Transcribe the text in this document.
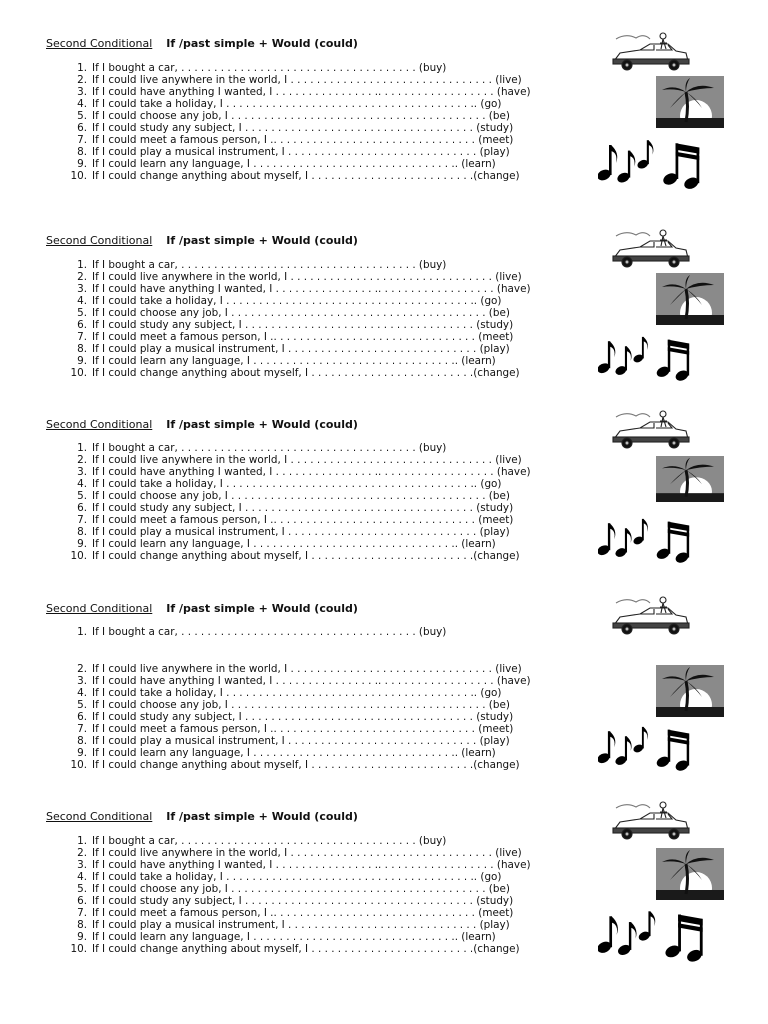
Second Conditional If /past simple + Would (could)
1. If I bought a car, . . . . . . . . . . . . . . . . . . . . . . . . . . . . . . . . . . . . (buy)
2. If I could live anywhere in the world, I . . . . . . . . . . . . . . . . . . . . . . . . . . . . . . . (live)
3. If I could have anything I wanted, I . . . . . . . . . . . . . . . .. . . . . . . . . . . . . . . . . . (have)
4. If I could take a holiday, I . . . . . . . . . . . . . . . . . . . . . . . . . . . . . . . . . . . . . .. (go)
5. If I could choose any job, I . . . . . . . . . . . . . . . . . . . . . . . . . . . . . . . . . . . . . . . (be)
6. If I could study any subject, I . . . . . . . . . . . . . . . . . . . . . . . . . . . . . . . . . . . (study)
7. If I could meet a famous person, I .. . . . . . . . . . . . . . . . . . . . . . . . . . . . . . . (meet)
8. If I could play a musical instrument, I . . . . . . . . . . . . . . . . . . . . . . . . . . . . . (play)
9. If I could learn any language, I . . . . . . . . . . . . . . . . . . . . . . . . . . . . . . .. (learn)
10. If I could change anything about myself, I . . . . . . . . . . . . . . . . . . . . . . . . .(change)
Second Conditional If /past simple + Would (could)
1. If I bought a car, . . . . . . . . . . . . . . . . . . . . . . . . . . . . . . . . . . . . (buy)
2. If I could live anywhere in the world, I . . . . . . . . . . . . . . . . . . . . . . . . . . . . . . . (live)
3. If I could have anything I wanted, I . . . . . . . . . . . . . . . .. . . . . . . . . . . . . . . . . . (have)
4. If I could take a holiday, I . . . . . . . . . . . . . . . . . . . . . . . . . . . . . . . . . . . . . .. (go)
5. If I could choose any job, I . . . . . . . . . . . . . . . . . . . . . . . . . . . . . . . . . . . . . . . (be)
6. If I could study any subject, I . . . . . . . . . . . . . . . . . . . . . . . . . . . . . . . . . . . (study)
7. If I could meet a famous person, I .. . . . . . . . . . . . . . . . . . . . . . . . . . . . . . . (meet)
8. If I could play a musical instrument, I . . . . . . . . . . . . . . . . . . . . . . . . . . . . . (play)
9. If I could learn any language, I . . . . . . . . . . . . . . . . . . . . . . . . . . . . . . .. (learn)
10. If I could change anything about myself, I . . . . . . . . . . . . . . . . . . . . . . . . .(change)
Second Conditional If /past simple + Would (could)
1. If I bought a car, . . . . . . . . . . . . . . . . . . . . . . . . . . . . . . . . . . . . (buy)
2. If I could live anywhere in the world, I . . . . . . . . . . . . . . . . . . . . . . . . . . . . . . . (live)
3. If I could have anything I wanted, I . . . . . . . . . . . . . . . .. . . . . . . . . . . . . . . . . . (have)
4. If I could take a holiday, I . . . . . . . . . . . . . . . . . . . . . . . . . . . . . . . . . . . . . .. (go)
5. If I could choose any job, I . . . . . . . . . . . . . . . . . . . . . . . . . . . . . . . . . . . . . . . (be)
6. If I could study any subject, I . . . . . . . . . . . . . . . . . . . . . . . . . . . . . . . . . . . (study)
7. If I could meet a famous person, I .. . . . . . . . . . . . . . . . . . . . . . . . . . . . . . . (meet)
8. If I could play a musical instrument, I . . . . . . . . . . . . . . . . . . . . . . . . . . . . . (play)
9. If I could learn any language, I . . . . . . . . . . . . . . . . . . . . . . . . . . . . . . .. (learn)
10. If I could change anything about myself, I . . . . . . . . . . . . . . . . . . . . . . . . .(change)
Second Conditional If /past simple + Would (could)
1. If I bought a car, . . . . . . . . . . . . . . . . . . . . . . . . . . . . . . . . . . . . (buy)
2. If I could live anywhere in the world, I . . . . . . . . . . . . . . . . . . . . . . . . . . . . . . . (live)
3. If I could have anything I wanted, I . . . . . . . . . . . . . . . .. . . . . . . . . . . . . . . . . . (have)
4. If I could take a holiday, I . . . . . . . . . . . . . . . . . . . . . . . . . . . . . . . . . . . . . .. (go)
5. If I could choose any job, I . . . . . . . . . . . . . . . . . . . . . . . . . . . . . . . . . . . . . . . (be)
6. If I could study any subject, I . . . . . . . . . . . . . . . . . . . . . . . . . . . . . . . . . . . (study)
7. If I could meet a famous person, I .. . . . . . . . . . . . . . . . . . . . . . . . . . . . . . . (meet)
8. If I could play a musical instrument, I . . . . . . . . . . . . . . . . . . . . . . . . . . . . . (play)
9. If I could learn any language, I . . . . . . . . . . . . . . . . . . . . . . . . . . . . . . .. (learn)
10. If I could change anything about myself, I . . . . . . . . . . . . . . . . . . . . . . . . .(change)
Second Conditional If /past simple + Would (could)
1. If I bought a car, . . . . . . . . . . . . . . . . . . . . . . . . . . . . . . . . . . . . (buy)
2. If I could live anywhere in the world, I . . . . . . . . . . . . . . . . . . . . . . . . . . . . . . . (live)
3. If I could have anything I wanted, I . . . . . . . . . . . . . . . .. . . . . . . . . . . . . . . . . . (have)
4. If I could take a holiday, I . . . . . . . . . . . . . . . . . . . . . . . . . . . . . . . . . . . . . .. (go)
5. If I could choose any job, I . . . . . . . . . . . . . . . . . . . . . . . . . . . . . . . . . . . . . . . (be)
6. If I could study any subject, I . . . . . . . . . . . . . . . . . . . . . . . . . . . . . . . . . . . (study)
7. If I could meet a famous person, I .. . . . . . . . . . . . . . . . . . . . . . . . . . . . . . . (meet)
8. If I could play a musical instrument, I . . . . . . . . . . . . . . . . . . . . . . . . . . . . . (play)
9. If I could learn any language, I . . . . . . . . . . . . . . . . . . . . . . . . . . . . . . .. (learn)
10. If I could change anything about myself, I . . . . . . . . . . . . . . . . . . . . . . . . .(change)
